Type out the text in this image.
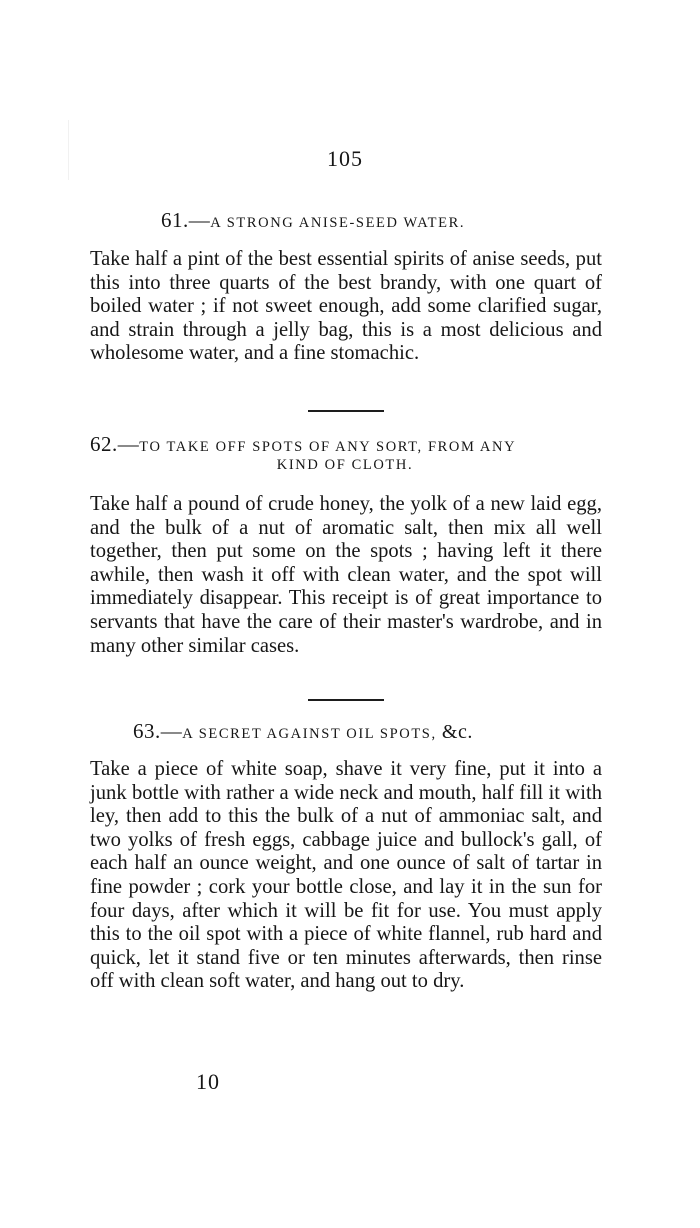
105
61.—A STRONG ANISE-SEED WATER.
Take half a pint of the best essential spirits of anise seeds, put this into three quarts of the best brandy, with one quart of boiled water ; if not sweet enough, add some clarified sugar, and strain through a jelly bag, this is a most delicious and wholesome water, and a fine stomachic.
62.—TO TAKE OFF SPOTS OF ANY SORT, FROM ANY
KIND OF CLOTH.
Take half a pound of crude honey, the yolk of a new laid egg, and the bulk of a nut of aromatic salt, then mix all well together, then put some on the spots ; having left it there awhile, then wash it off with clean water, and the spot will immediately disappear. This receipt is of great importance to servants that have the care of their master's wardrobe, and in many other similar cases.
63.—A SECRET AGAINST OIL SPOTS, &c.
Take a piece of white soap, shave it very fine, put it into a junk bottle with rather a wide neck and mouth, half fill it with ley, then add to this the bulk of a nut of ammoniac salt, and two yolks of fresh eggs, cabbage juice and bullock's gall, of each half an ounce weight, and one ounce of salt of tartar in fine powder ; cork your bottle close, and lay it in the sun for four days, after which it will be fit for use. You must apply this to the oil spot with a piece of white flannel, rub hard and quick, let it stand five or ten minutes afterwards, then rinse off with clean soft water, and hang out to dry.
10
